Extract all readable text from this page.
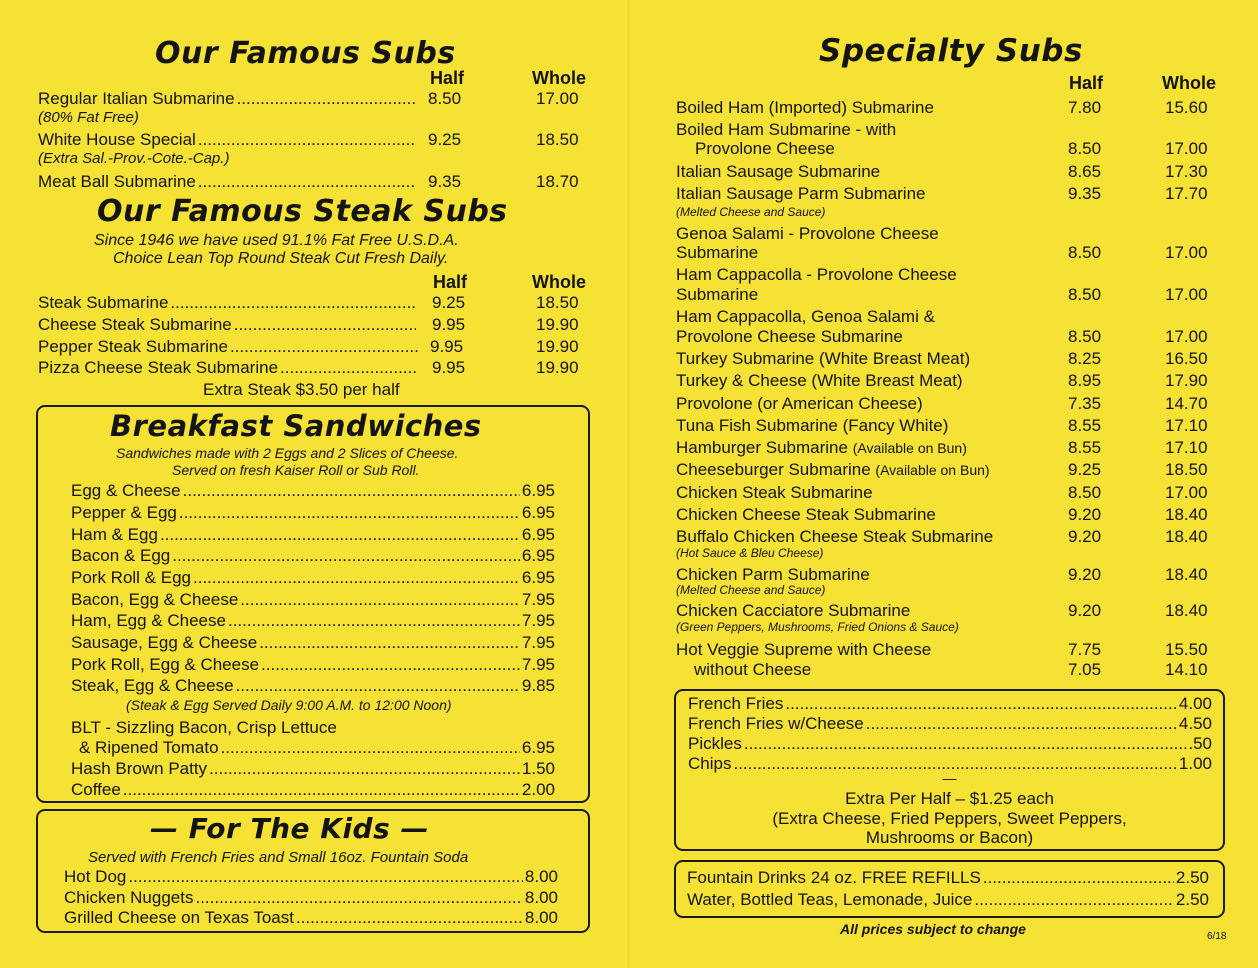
Our Famous Subs
Half	Whole
Regular Italian Submarine .....	8.50	17.00
(80% Fat Free)
White House Special .....	9.25	18.50
(Extra Sal.-Prov.-Cote.-Cap.)
Meat Ball Submarine .....	9.35	18.70
Our Famous Steak Subs
Since 1946 we have used 91.1% Fat Free U.S.D.A.
Choice Lean Top Round Steak Cut Fresh Daily.
Half	Whole
Steak Submarine .....	9.25	18.50
Cheese Steak Submarine .....	9.95	19.90
Pepper Steak Submarine .....	9.95	19.90
Pizza Cheese Steak Submarine .....	9.95	19.90
Extra Steak $3.50 per half
Breakfast Sandwiches
Sandwiches made with 2 Eggs and 2 Slices of Cheese.
Served on fresh Kaiser Roll or Sub Roll.
Egg & Cheese .....	6.95
Pepper & Egg .....	6.95
Ham & Egg .....	6.95
Bacon & Egg .....	6.95
Pork Roll & Egg .....	6.95
Bacon, Egg & Cheese .....	7.95
Ham, Egg & Cheese .....	7.95
Sausage, Egg & Cheese .....	7.95
Pork Roll, Egg & Cheese .....	7.95
Steak, Egg & Cheese .....	9.85
(Steak & Egg Served Daily 9:00 A.M. to 12:00 Noon)
BLT - Sizzling Bacon, Crisp Lettuce
& Ripened Tomato .....	6.95
Hash Brown Patty .....	1.50
Coffee .....	2.00
— For The Kids —
Served with French Fries and Small 16oz. Fountain Soda
Hot Dog .....	8.00
Chicken Nuggets .....	8.00
Grilled Cheese on Texas Toast .....	8.00
Specialty Subs
Half	Whole
Boiled Ham (Imported) Submarine	7.80	15.60
Boiled Ham Submarine - with
Provolone Cheese	8.50	17.00
Italian Sausage Submarine	8.65	17.30
Italian Sausage Parm Submarine	9.35	17.70
(Melted Cheese and Sauce)
Genoa Salami - Provolone Cheese
Submarine	8.50	17.00
Ham Cappacolla - Provolone Cheese
Submarine	8.50	17.00
Ham Cappacolla, Genoa Salami &
Provolone Cheese Submarine	8.50	17.00
Turkey Submarine (White Breast Meat)	8.25	16.50
Turkey & Cheese (White Breast Meat)	8.95	17.90
Provolone (or American Cheese)	7.35	14.70
Tuna Fish Submarine (Fancy White)	8.55	17.10
Hamburger Submarine (Available on Bun)	8.55	17.10
Cheeseburger Submarine (Available on Bun)	9.25	18.50
Chicken Steak Submarine	8.50	17.00
Chicken Cheese Steak Submarine	9.20	18.40
Buffalo Chicken Cheese Steak Submarine	9.20	18.40
(Hot Sauce & Bleu Cheese)
Chicken Parm Submarine	9.20	18.40
(Melted Cheese and Sauce)
Chicken Cacciatore Submarine	9.20	18.40
(Green Peppers, Mushrooms, Fried Onions & Sauce)
Hot Veggie Supreme with Cheese	7.75	15.50
without Cheese	7.05	14.10
French Fries .....	4.00
French Fries w/Cheese .....	4.50
Pickles .....	.50
Chips .....	1.00
—
Extra Per Half – $1.25 each
(Extra Cheese, Fried Peppers, Sweet Peppers,
Mushrooms or Bacon)
Fountain Drinks 24 oz. FREE REFILLS .....	2.50
Water, Bottled Teas, Lemonade, Juice .....	2.50
All prices subject to change	6/18
